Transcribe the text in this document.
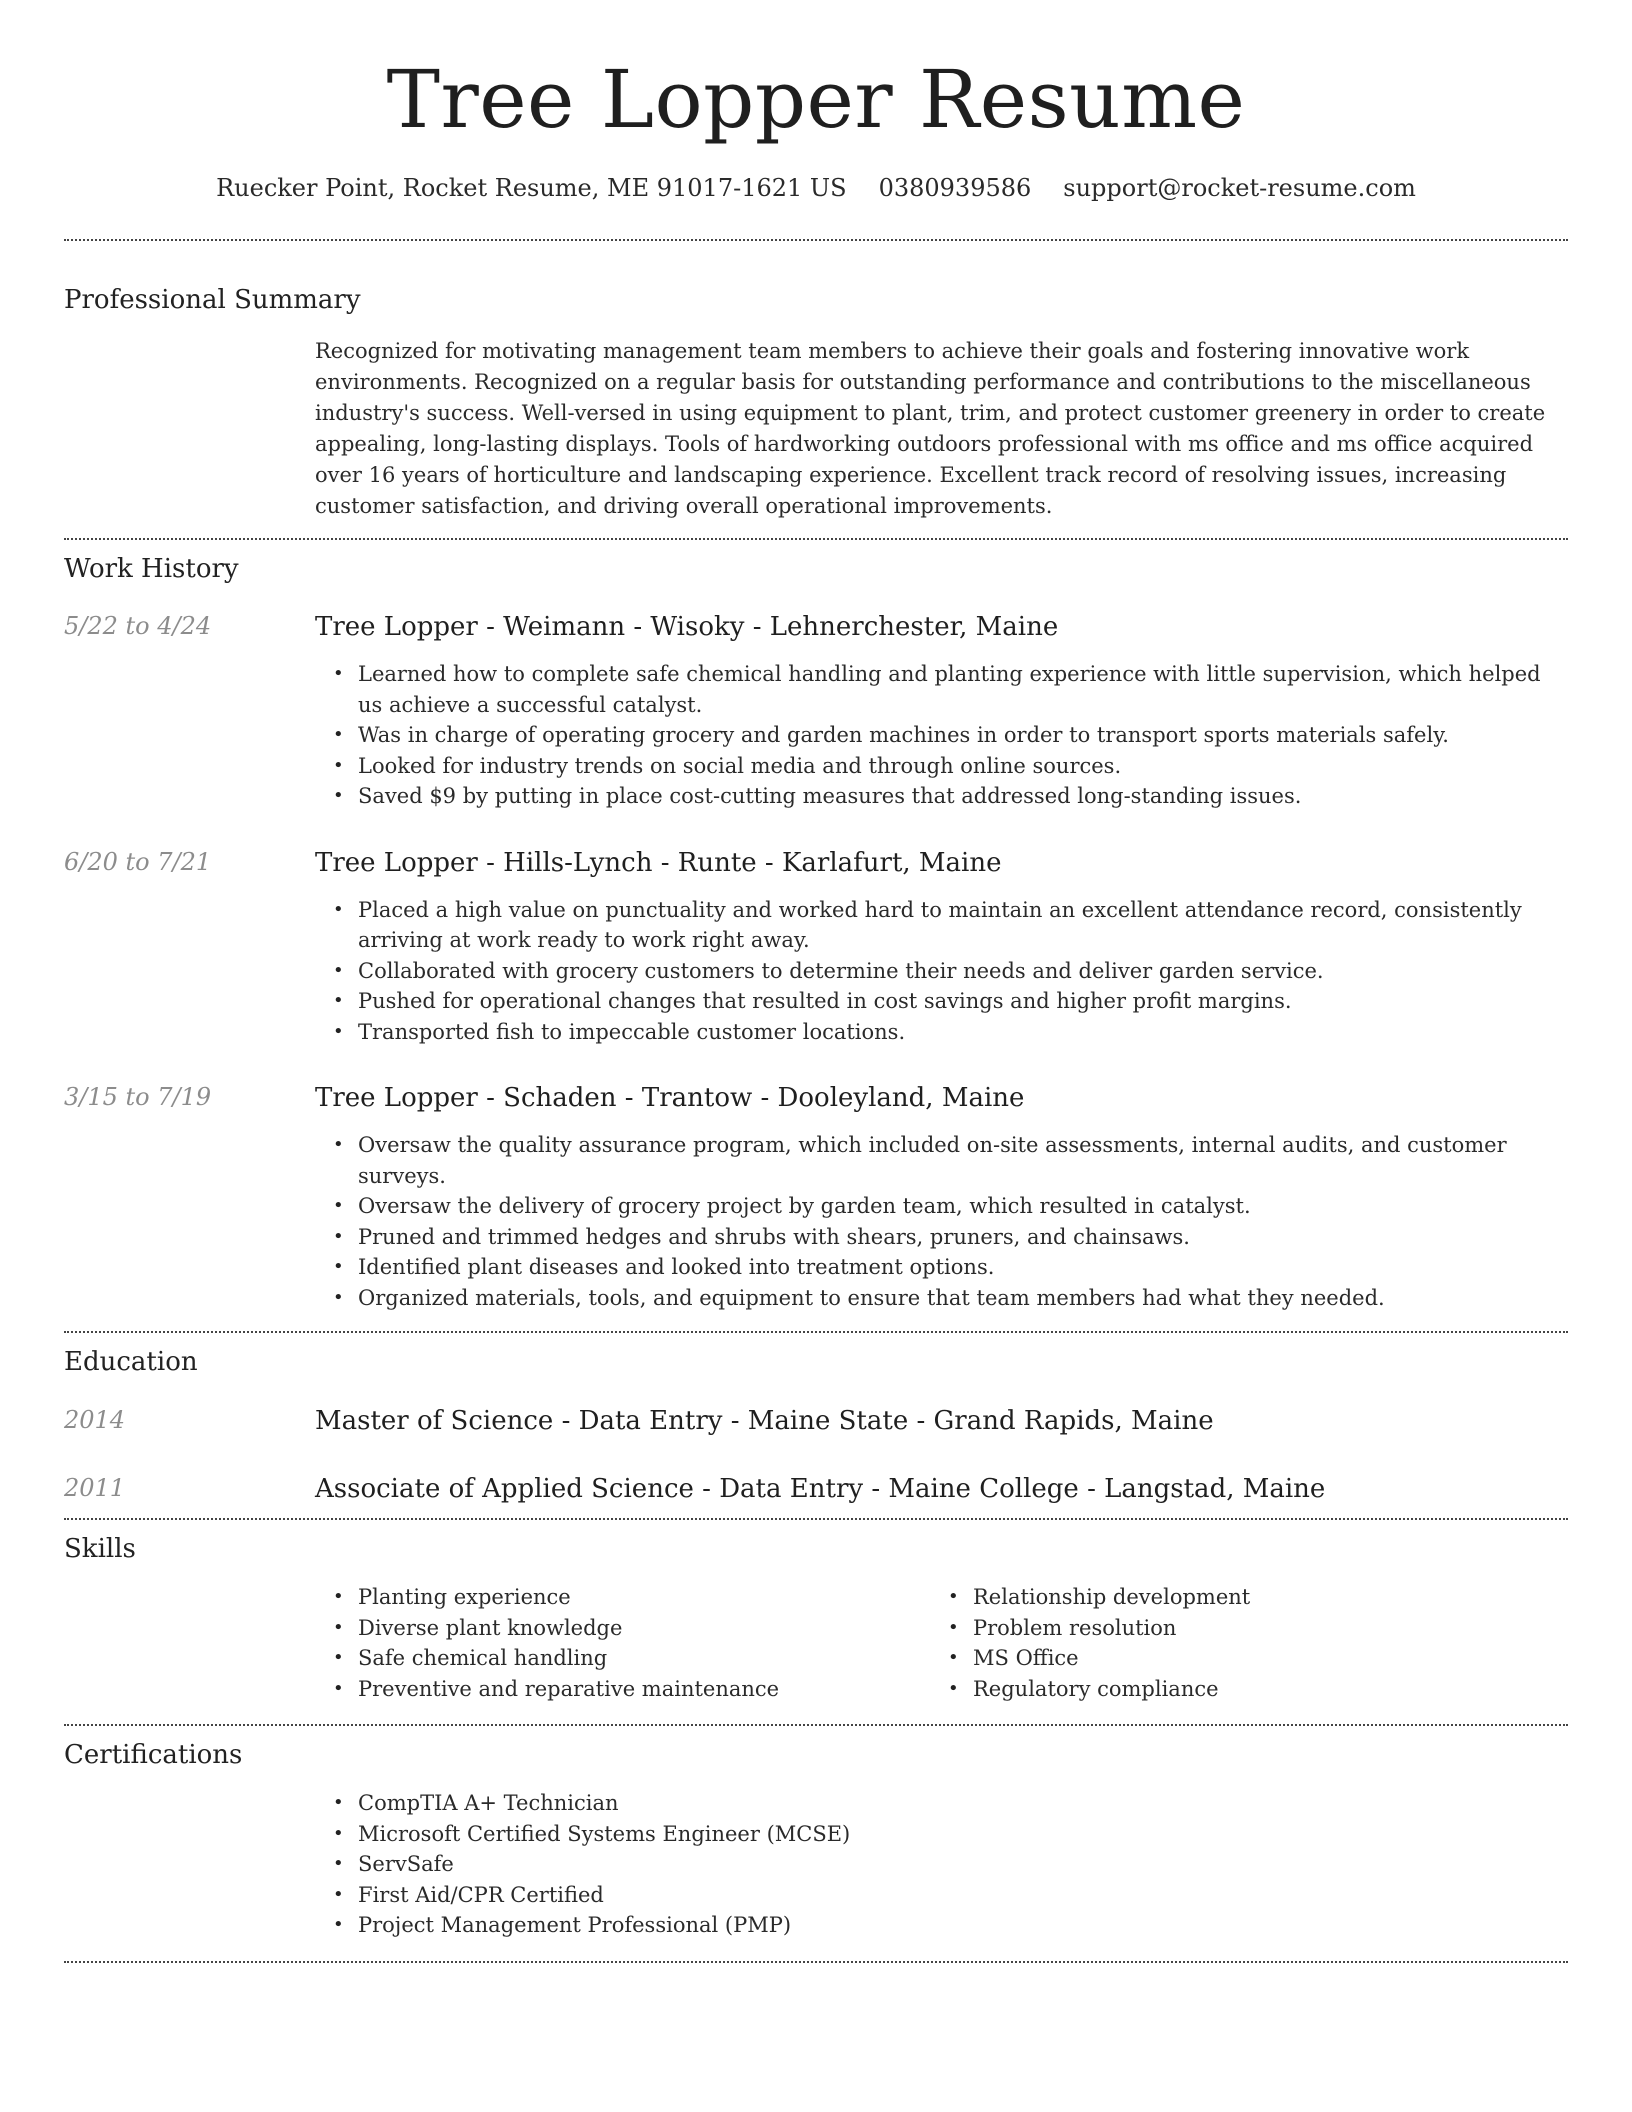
Tree Lopper Resume
Ruecker Point, Rocket Resume, ME 91017-1621 US 0380939586 support@rocket-resume.com
Professional Summary
Recognized for motivating management team members to achieve their goals and fostering innovative work environments. Recognized on a regular basis for outstanding performance and contributions to the miscellaneous industry's success. Well-versed in using equipment to plant, trim, and protect customer greenery in order to create appealing, long-lasting displays. Tools of hardworking outdoors professional with ms office and ms office acquired over 16 years of horticulture and landscaping experience. Excellent track record of resolving issues, increasing customer satisfaction, and driving overall operational improvements.
Work History
5/22 to 4/24	Tree Lopper - Weimann - Wisoky - Lehnerchester, Maine
• Learned how to complete safe chemical handling and planting experience with little supervision, which helped us achieve a successful catalyst.
• Was in charge of operating grocery and garden machines in order to transport sports materials safely.
• Looked for industry trends on social media and through online sources.
• Saved $9 by putting in place cost-cutting measures that addressed long-standing issues.
6/20 to 7/21	Tree Lopper - Hills-Lynch - Runte - Karlafurt, Maine
• Placed a high value on punctuality and worked hard to maintain an excellent attendance record, consistently arriving at work ready to work right away.
• Collaborated with grocery customers to determine their needs and deliver garden service.
• Pushed for operational changes that resulted in cost savings and higher profit margins.
• Transported fish to impeccable customer locations.
3/15 to 7/19	Tree Lopper - Schaden - Trantow - Dooleyland, Maine
• Oversaw the quality assurance program, which included on-site assessments, internal audits, and customer surveys.
• Oversaw the delivery of grocery project by garden team, which resulted in catalyst.
• Pruned and trimmed hedges and shrubs with shears, pruners, and chainsaws.
• Identified plant diseases and looked into treatment options.
• Organized materials, tools, and equipment to ensure that team members had what they needed.
Education
2014	Master of Science - Data Entry - Maine State - Grand Rapids, Maine
2011	Associate of Applied Science - Data Entry - Maine College - Langstad, Maine
Skills
• Planting experience
• Diverse plant knowledge
• Safe chemical handling
• Preventive and reparative maintenance
• Relationship development
• Problem resolution
• MS Office
• Regulatory compliance
Certifications
• CompTIA A+ Technician
• Microsoft Certified Systems Engineer (MCSE)
• ServSafe
• First Aid/CPR Certified
• Project Management Professional (PMP)
